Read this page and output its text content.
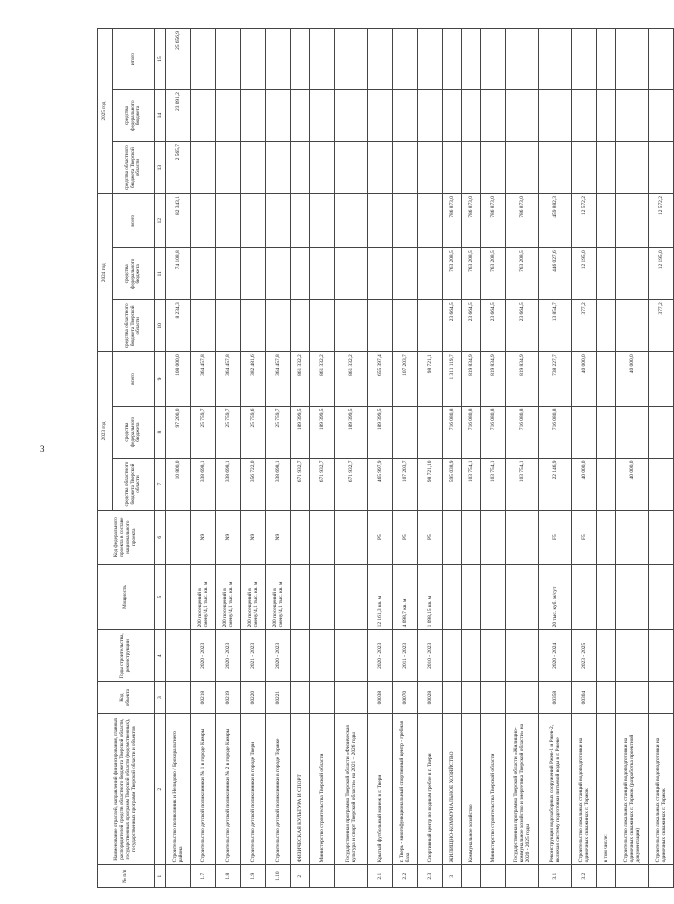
3
№ п/п	Наименование отраслей, направлений финансирования, главных распорядителей средств областного бюджета Тверской области, государственных программ Тверской области (ведомственных), государственных программ Тверской области и объектов	Код объекта	Годы строительства, реконструкции	Мощность	Код федерального проекта в составе национального проекта	2023 год			2024 год			2025 год		
						средства областного бюджета Тверской области	средства федерального бюджета	всего	средства областного бюджета Тверской области	средства федерального бюджета	всего	средства областного бюджета Тверской области	средства федерального бюджета	итого
1	2	3	4	5	6	7	8	9	10	11	12	13	14	15
	Строительство поликлиник и Нелидово / Брохоральтнего района					10 800,0	97 200,0	108 000,0	8 234,3	74 108,8	82 343,1	2 565,7	23 091,2	25 656,9
1.7	Строительство детской поликлиники № 1 в городе Кимры	00218	2020 - 2023	200 посещений в смену/4,1 тыс. кв. м	N9	338 698,1	25 759,7	364 457,8						
1.8	Строительство детской поликлиники № 2 в городе Кимры	00219	2020 - 2023	200 посещений в смену/4,1 тыс. кв. м	N9	338 698,1	25 759,7	364 457,8						
1.9	Строительство детской поликлиники в городе Твери	00220	2021 - 2023	200 посещений в смену/4,1 тыс. кв. м	N9	356 722,0	25 759,6	382 481,6						
1.10	Строительство детской поликлиники в городе Торжке	00221	2020 - 2023	200 посещений в смену/4,1 тыс. кв. м	N9	338 698,1	25 759,7	364 457,8						
2	ФИЗИЧЕСКАЯ КУЛЬТУРА И СПОРТ					671 932,7	189 399,5	861 332,2						
	Министерство строительства Тверской области					671 932,7	189 399,5	861 332,2						
	Государственная программа Тверской области «Физическая культура и спорт Тверской области» на 2021 – 2026 годы					671 932,7	189 399,5	861 332,2						
2.1	Крытый футбольный манеж в г. Твери	00038	2020 - 2023	12 161,3 кв. м	P5	465 997,9	189 399,5	655 397,4						
2.2	г. Тверь - многофункциональный спортивный центр - гребная база	00070	2011 - 2023	4 098,7 кв. м	P5	107 203,7		107 203,7						
2.3	Спортивный центр по водным гребле в г. Твери	00028	2010 - 2023	1 098,15 кв. м	P5	98 721,10		98 721,1						
3	ЖИЛИЩНО-КОММУНАЛЬНОЕ ХОЗЯЙСТВО					595 038,9	716 080,8	1 311 119,7	23 664,5	763 208,5	786 873,0			
	Коммунальное хозяйство					103 754,1	716 080,8	819 834,9	23 664,5	763 208,5	786 873,0			
	Министерство строительства Тверской области					103 754,1	716 080,8	819 834,9	23 664,5	763 208,5	786 873,0			
	Государственная программа Тверской области «Жилищно-коммунальное хозяйство и энергетика Тверской области» на 2020 - 2025 годы					103 754,1	716 080,8	819 834,9	23 664,5	763 208,5	786 873,0			
3.1	Реконструкция водозаборных сооружений Ржев-1 и Ржев-2, включая систему подготовки питьевой воды в г. Ржеве	00358	2020 - 2024	20 тыс. куб. м/сут	F5	22 146,9	716 080,8	738 227,7	13 854,7	446 027,6	459 882,3			
3.2	Строительство локальных станций водоподготовки на одиночных скважинах г. Торжок	00304	2023 - 2025		F5	40 000,0		40 000,0	377,2	12 195,0	12 572,2			
	в том числе:													
	Строительство локальных станций водоподготовки на одиночных скважинах г. Торжок (разработка проектной документации)					40 000,0		40 000,0						
	Строительство локальных станций водоподготовки на одиночных скважинах г. Торжок								377,2	12 195,0	12 572,2			
